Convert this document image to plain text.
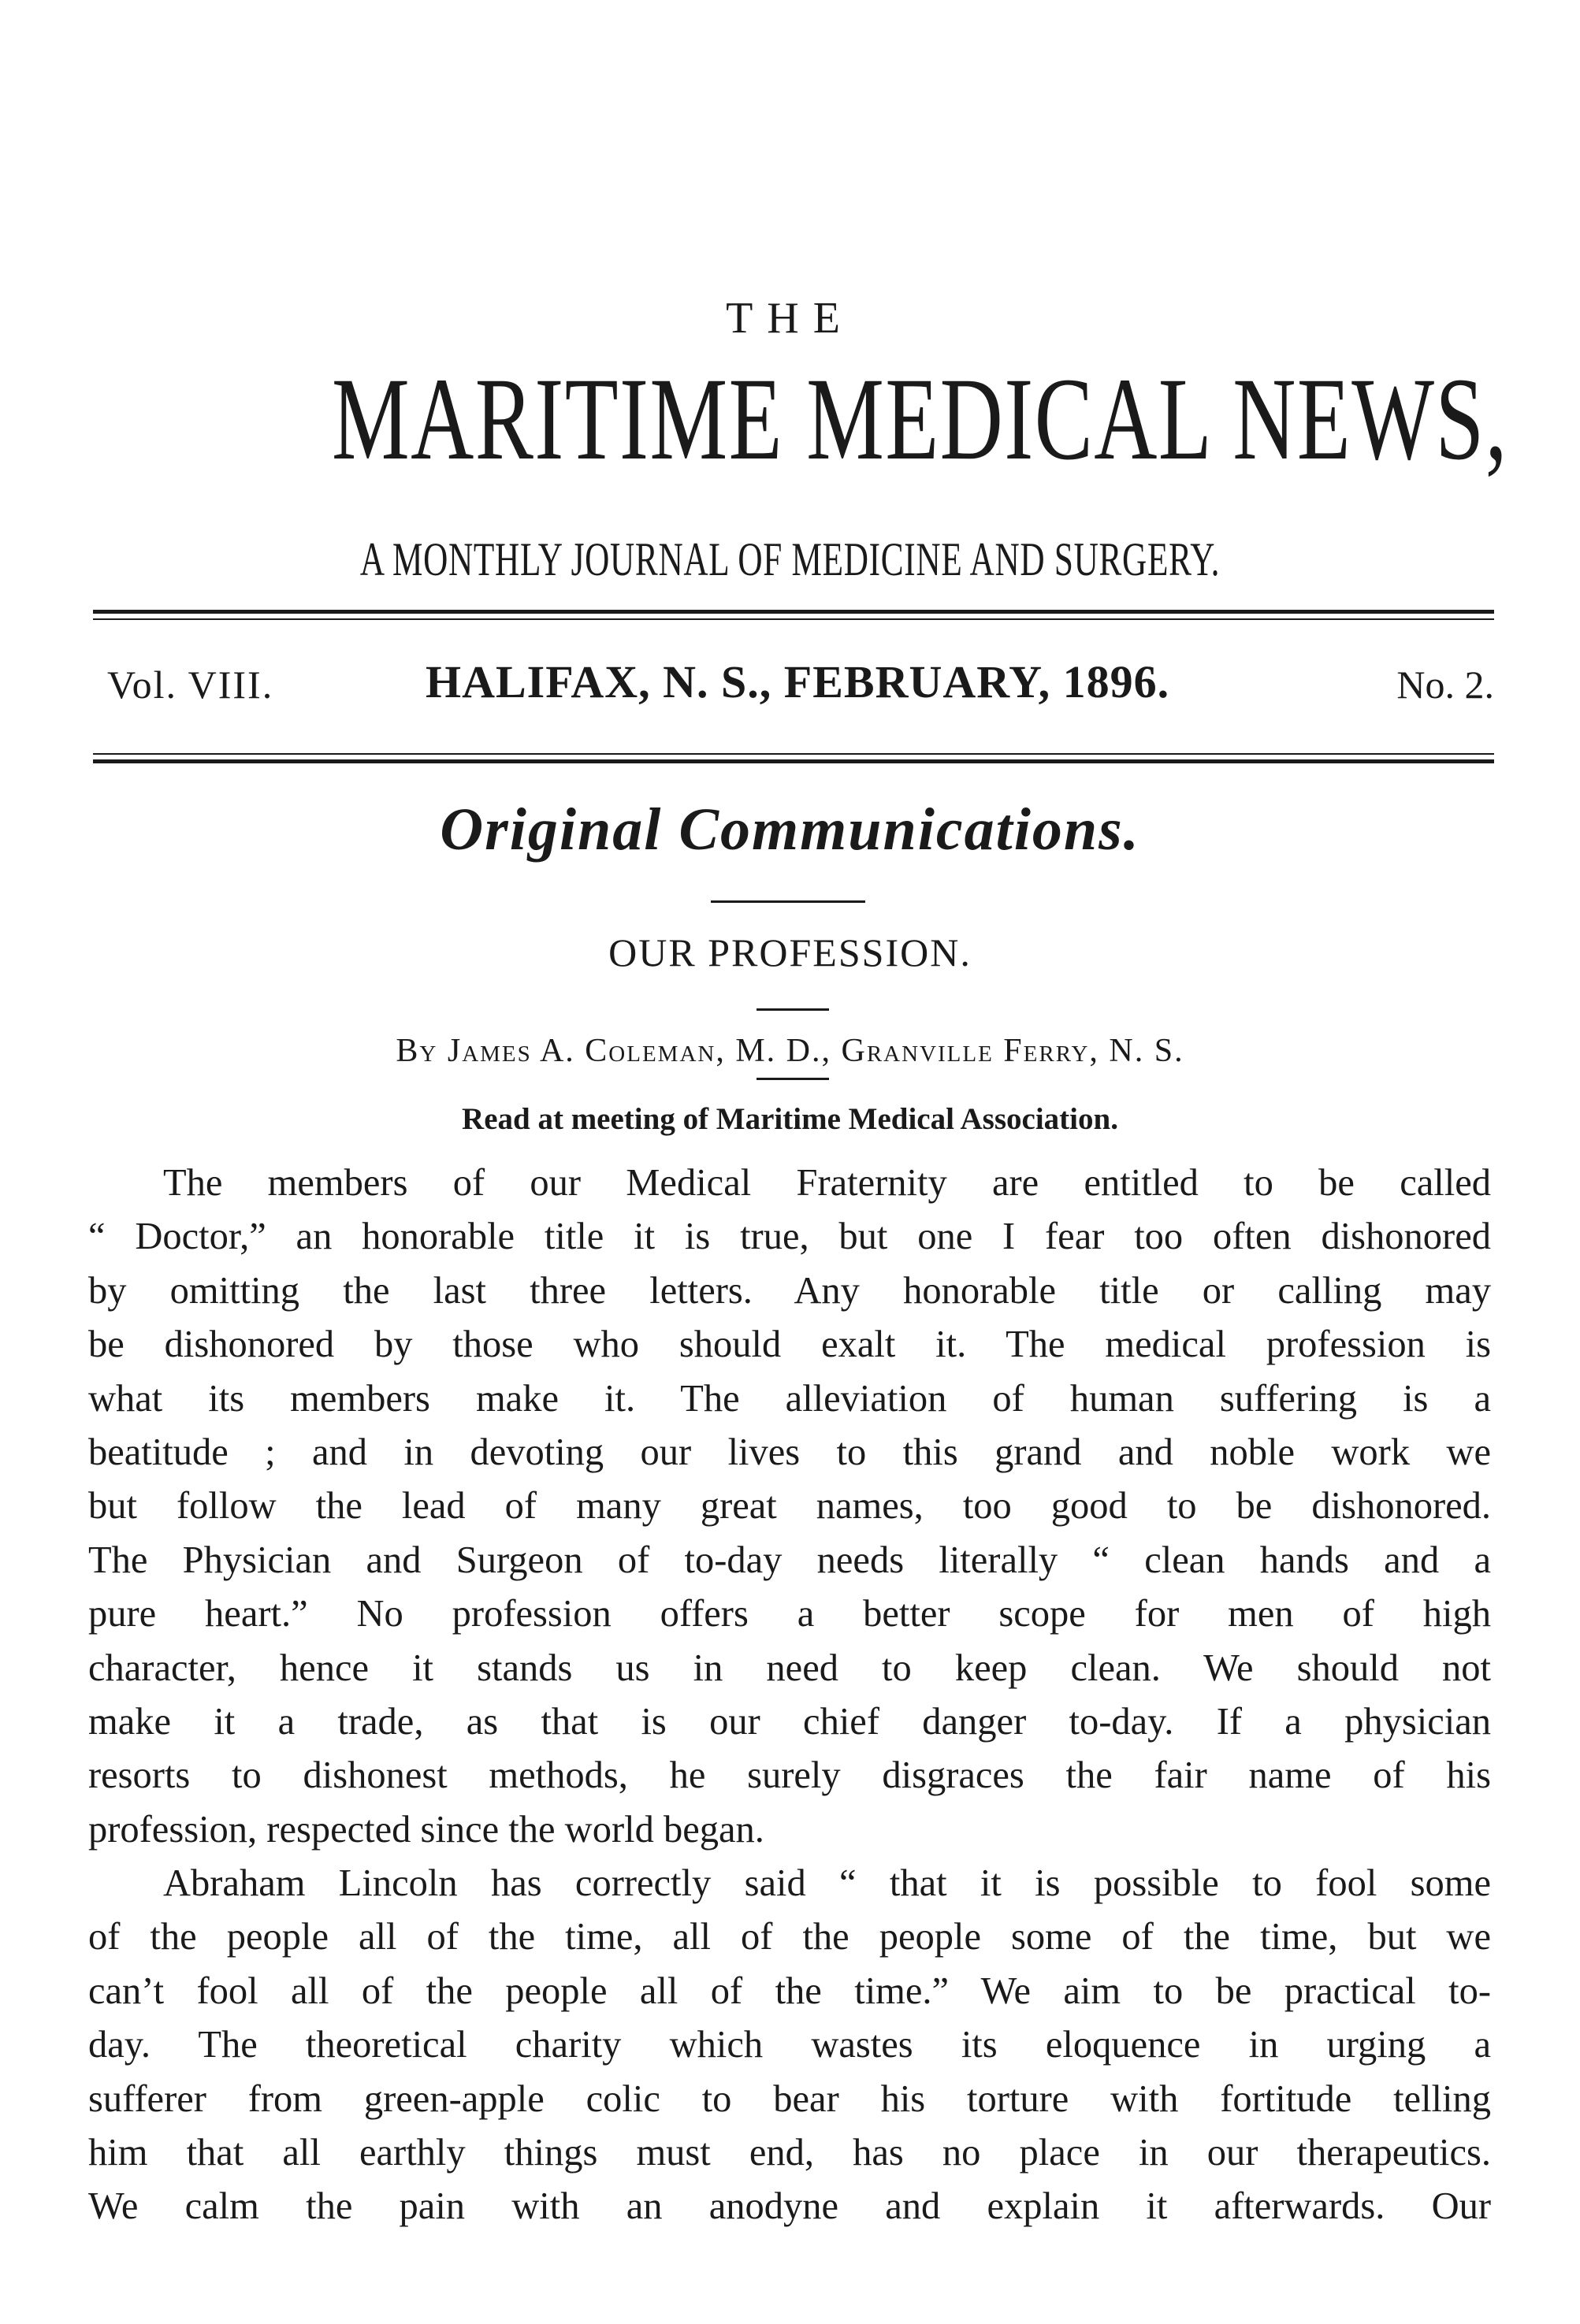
THE
MARITIME MEDICAL NEWS,
A MONTHLY JOURNAL OF MEDICINE AND SURGERY.
Vol. VIII.	HALIFAX, N. S., FEBRUARY, 1896.	No. 2.
Original Communications.
OUR PROFESSION.
By James A. Coleman, M. D., Granville Ferry, N. S.
Read at meeting of Maritime Medical Association.
The members of our Medical Fraternity are entitled to be called
“ Doctor,” an honorable title it is true, but one I fear too often dishonored
by omitting the last three letters. Any honorable title or calling may
be dishonored by those who should exalt it. The medical profession is
what its members make it. The alleviation of human suffering is a
beatitude ; and in devoting our lives to this grand and noble work we
but follow the lead of many great names, too good to be dishonored.
The Physician and Surgeon of to-day needs literally “ clean hands and a
pure heart.” No profession offers a better scope for men of high
character, hence it stands us in need to keep clean. We should not
make it a trade, as that is our chief danger to-day. If a physician
resorts to dishonest methods, he surely disgraces the fair name of his
profession, respected since the world began.
Abraham Lincoln has correctly said “ that it is possible to fool some
of the people all of the time, all of the people some of the time, but we
can’t fool all of the people all of the time.” We aim to be practical to-
day. The theoretical charity which wastes its eloquence in urging a
sufferer from green-apple colic to bear his torture with fortitude telling
him that all earthly things must end, has no place in our therapeutics.
We calm the pain with an anodyne and explain it afterwards. Our
